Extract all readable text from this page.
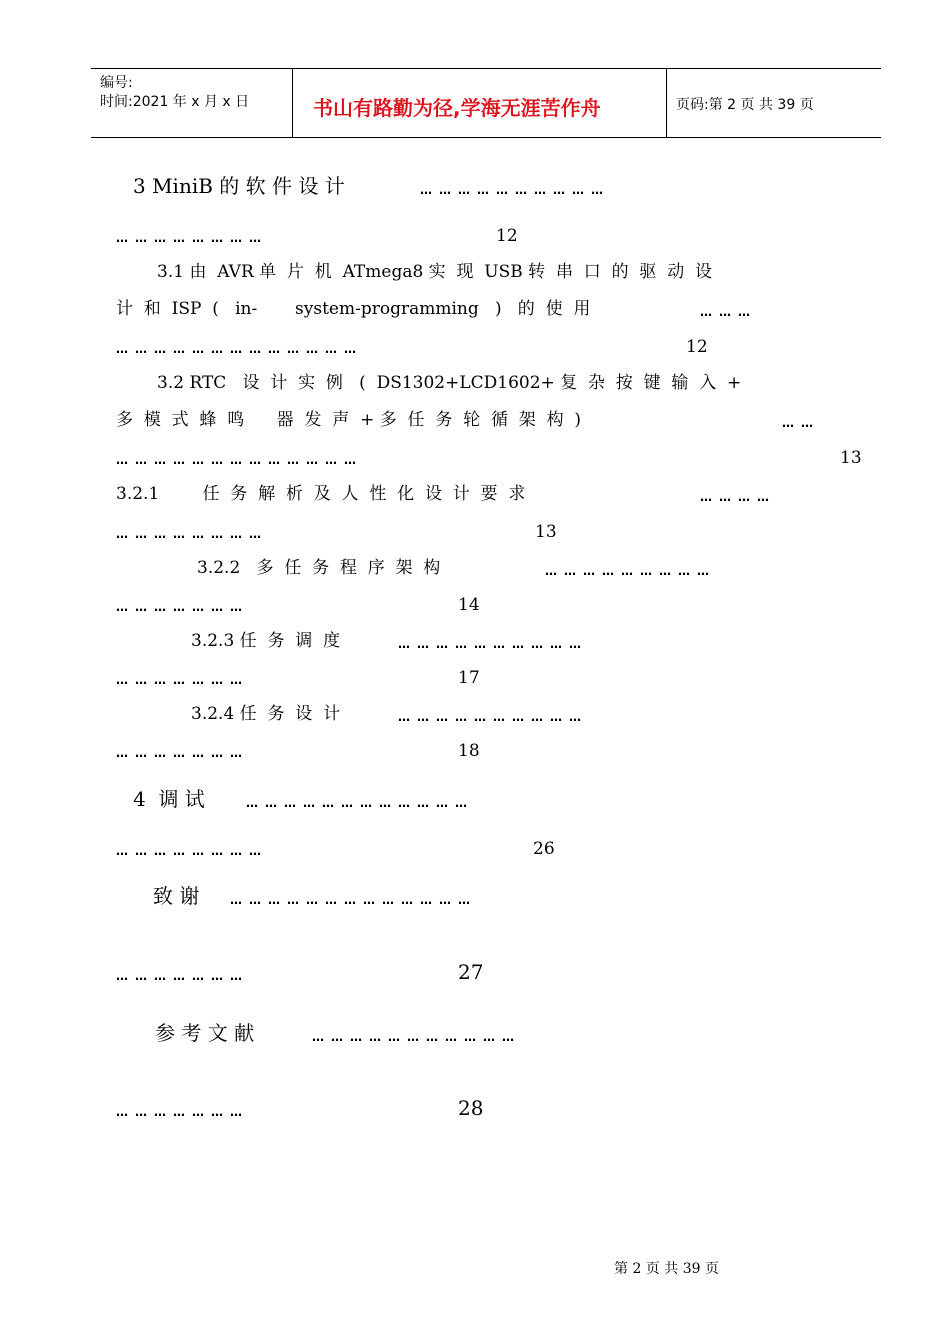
编号:
时间:2021 年 x 月 x 日	书山有路勤为径,学海无涯苦作舟	页码:第 2 页 共 39 页
3 MiniB 的 软 件 设 计	…………………………
……………………	12
3.1 由  AVR 单  片  机  ATmega8 实  现  USB 转  串  口  的  驱  动  设
计  和  ISP  (   in-       system-programming   )   的  使  用	………
…………………………………	12
3.2 RTC   设  计  实  例   (  DS1302+LCD1602+ 复  杂  按  键  输  入  +
多  模  式  蜂  鸣      器  发  声  + 多  任  务  轮  循  架  构  )	……
…………………………………	13
3.2.1        任  务  解  析  及  人  性  化  设  计  要  求	…………
……………………	13
3.2.2   多  任  务  程  序  架  构	………………………
…………………	14
3.2.3 任  务  调  度	…………………………
…………………	17
3.2.4 任  务  设  计	…………………………
…………………	18
4  调 试	………………………………
……………………	26
致 谢	…………………………………
…………………	27
参 考 文 献	……………………………
…………………	28
第 2 页 共 39 页
